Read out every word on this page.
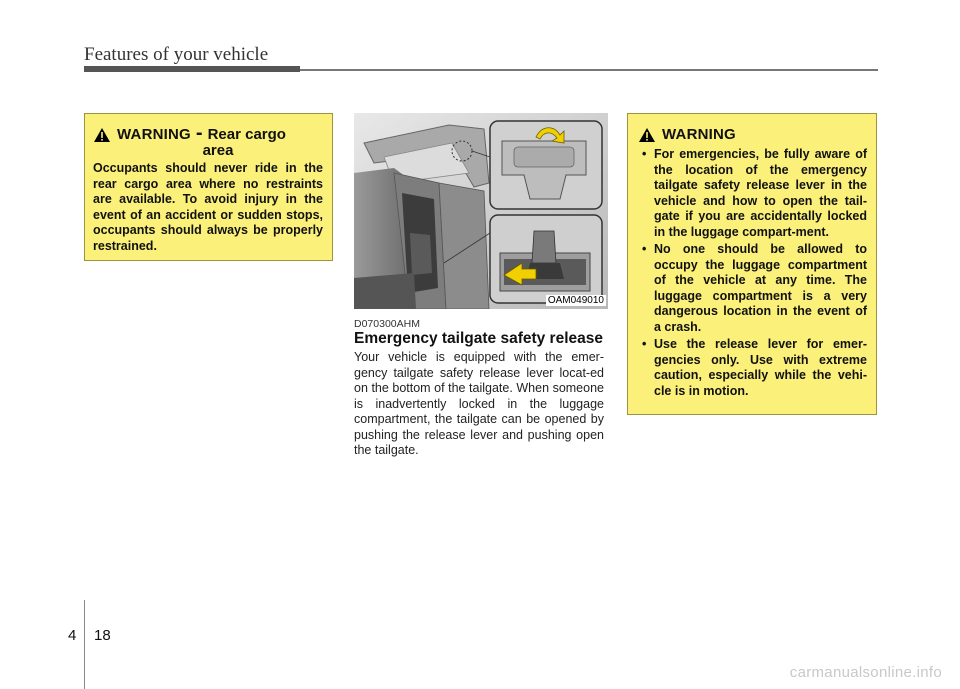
Features of your vehicle
WARNING - Rear cargo
area
Occupants should never ride in the rear cargo area where no restraints are available. To avoid injury in the event of an accident or sudden stops, occupants should always be properly restrained.
OAM049010
D070300AHM
Emergency tailgate safety release
Your vehicle is equipped with the emer-gency tailgate safety release lever locat-ed on the bottom of the tailgate. When someone is inadvertently locked in the luggage compartment, the tailgate can be opened by pushing the release lever and pushing open the tailgate.
WARNING
• For emergencies, be fully aware of the location of the emergency tailgate safety release lever in the vehicle and how to open the tail-gate if you are accidentally locked in the luggage compart-ment.
• No one should be allowed to occupy the luggage compartment of the vehicle at any time. The luggage compartment is a very dangerous location in the event of a crash.
• Use the release lever for emer-gencies only. Use with extreme caution, especially while the vehi-cle is in motion.
4 18
carmanualsonline.info
